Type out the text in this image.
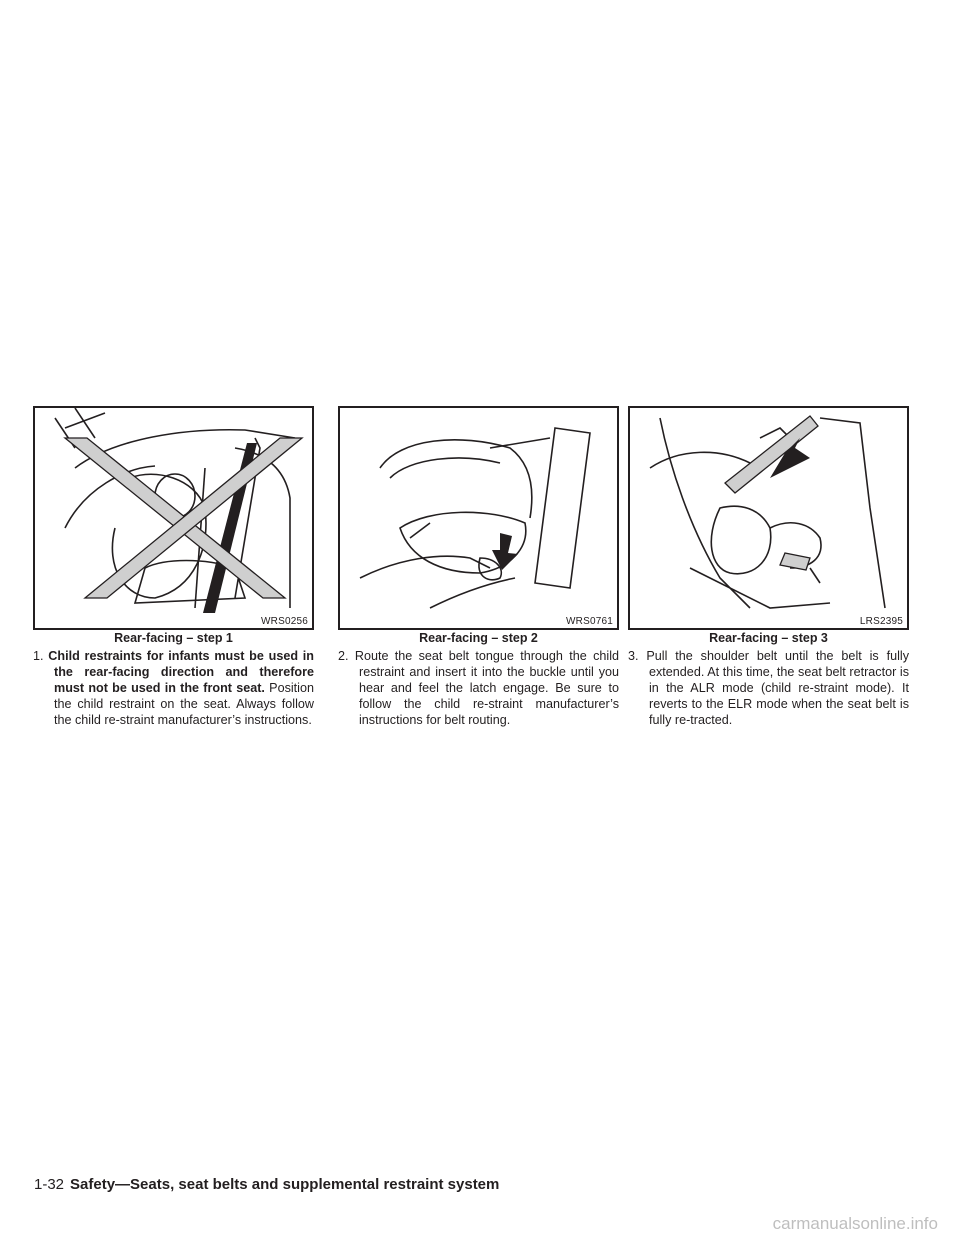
WRS0256
Rear-facing – step 1
1. Child restraints for infants must be used in the rear-facing direction and therefore must not be used in the front seat. Position the child restraint on the seat. Always follow the child re-straint manufacturer’s instructions.
WRS0761
Rear-facing – step 2
2. Route the seat belt tongue through the child restraint and insert it into the buckle until you hear and feel the latch engage. Be sure to follow the child re-straint manufacturer’s instructions for belt routing.
LRS2395
Rear-facing – step 3
3. Pull the shoulder belt until the belt is fully extended. At this time, the seat belt retractor is in the ALR mode (child re-straint mode). It reverts to the ELR mode when the seat belt is fully re-tracted.
1-32 Safety—Seats, seat belts and supplemental restraint system
carmanualsonline.info
